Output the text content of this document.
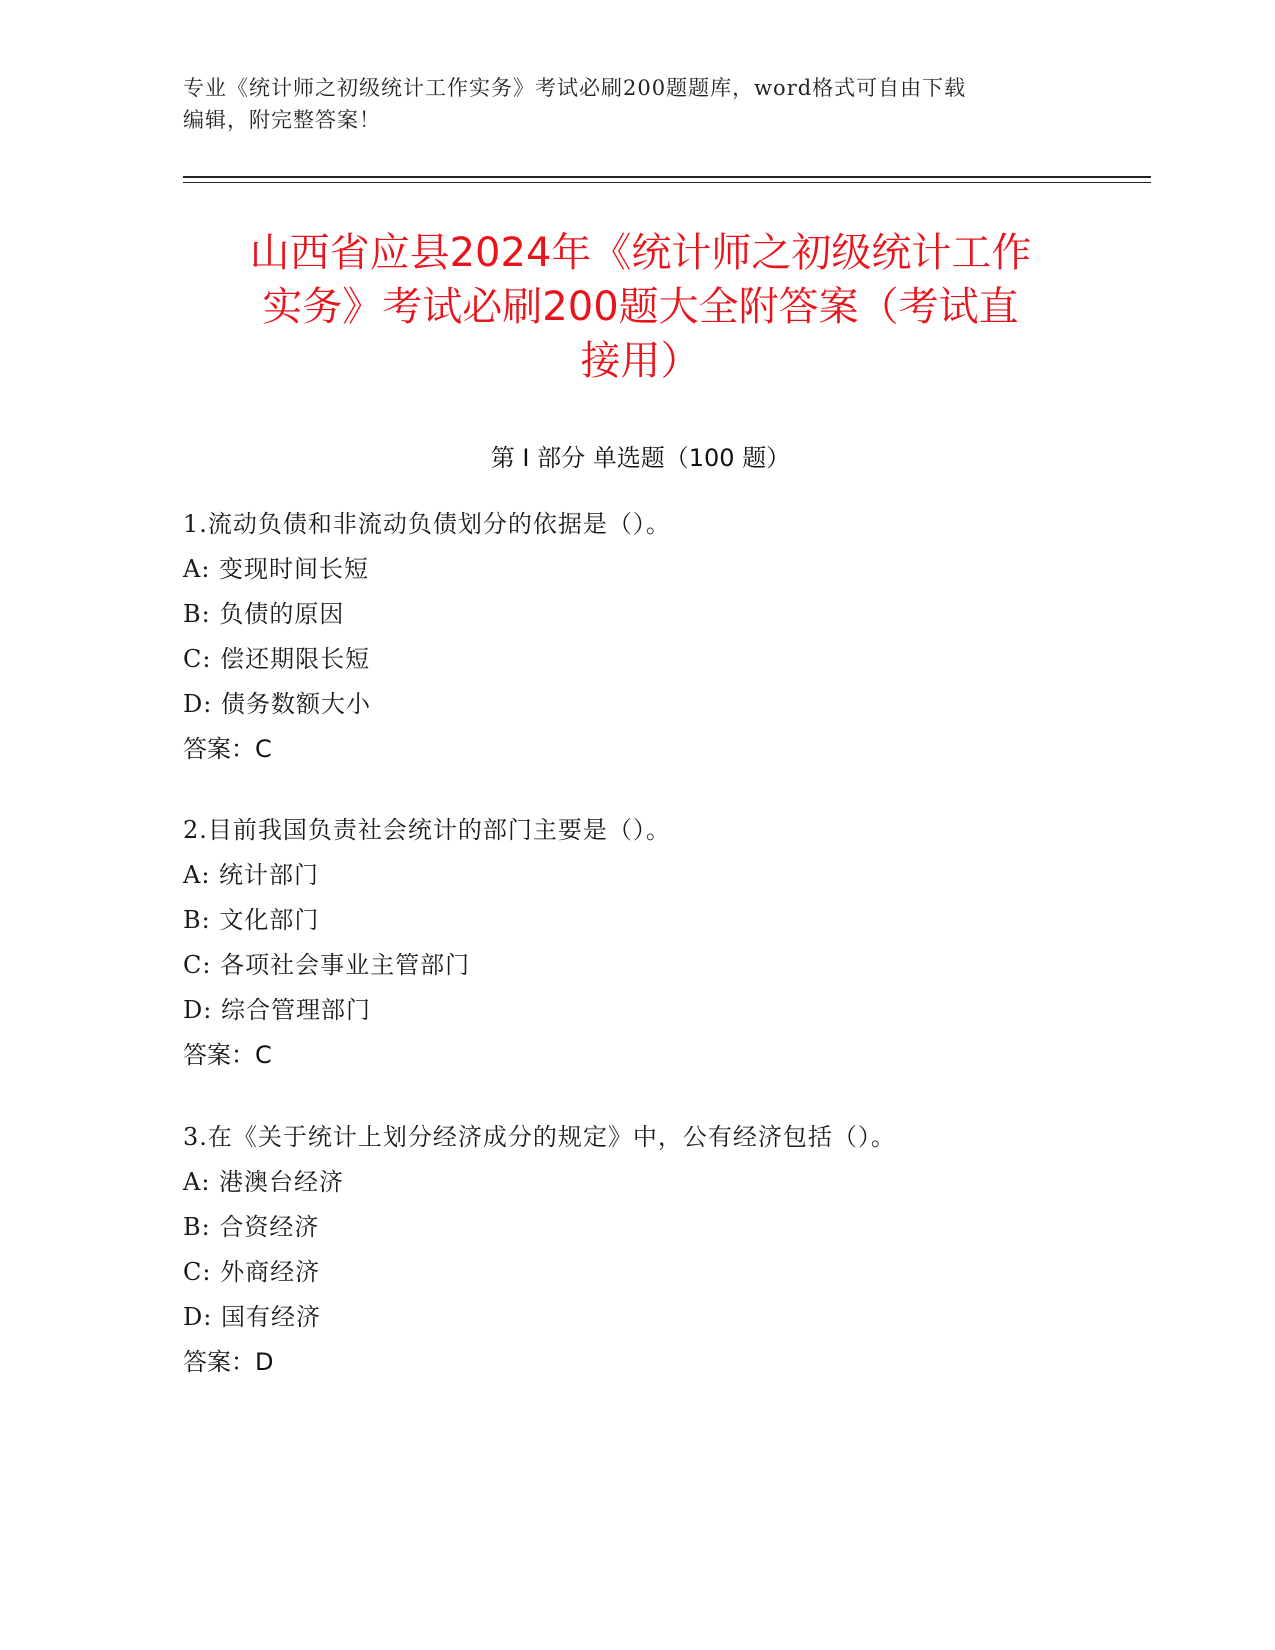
专业《统计师之初级统计工作实务》考试必刷200题题库，word格式可自由下载
编辑，附完整答案！
山西省应县2024年《统计师之初级统计工作
实务》考试必刷200题大全附答案（考试直
接用）
第 I 部分 单选题（100 题）
1.流动负债和非流动负债划分的依据是（）。
A: 变现时间长短
B: 负债的原因
C: 偿还期限长短
D: 债务数额大小
答案：C
2.目前我国负责社会统计的部门主要是（）。
A: 统计部门
B: 文化部门
C: 各项社会事业主管部门
D: 综合管理部门
答案：C
3.在《关于统计上划分经济成分的规定》中，公有经济包括（）。
A: 港澳台经济
B: 合资经济
C: 外商经济
D: 国有经济
答案：D
